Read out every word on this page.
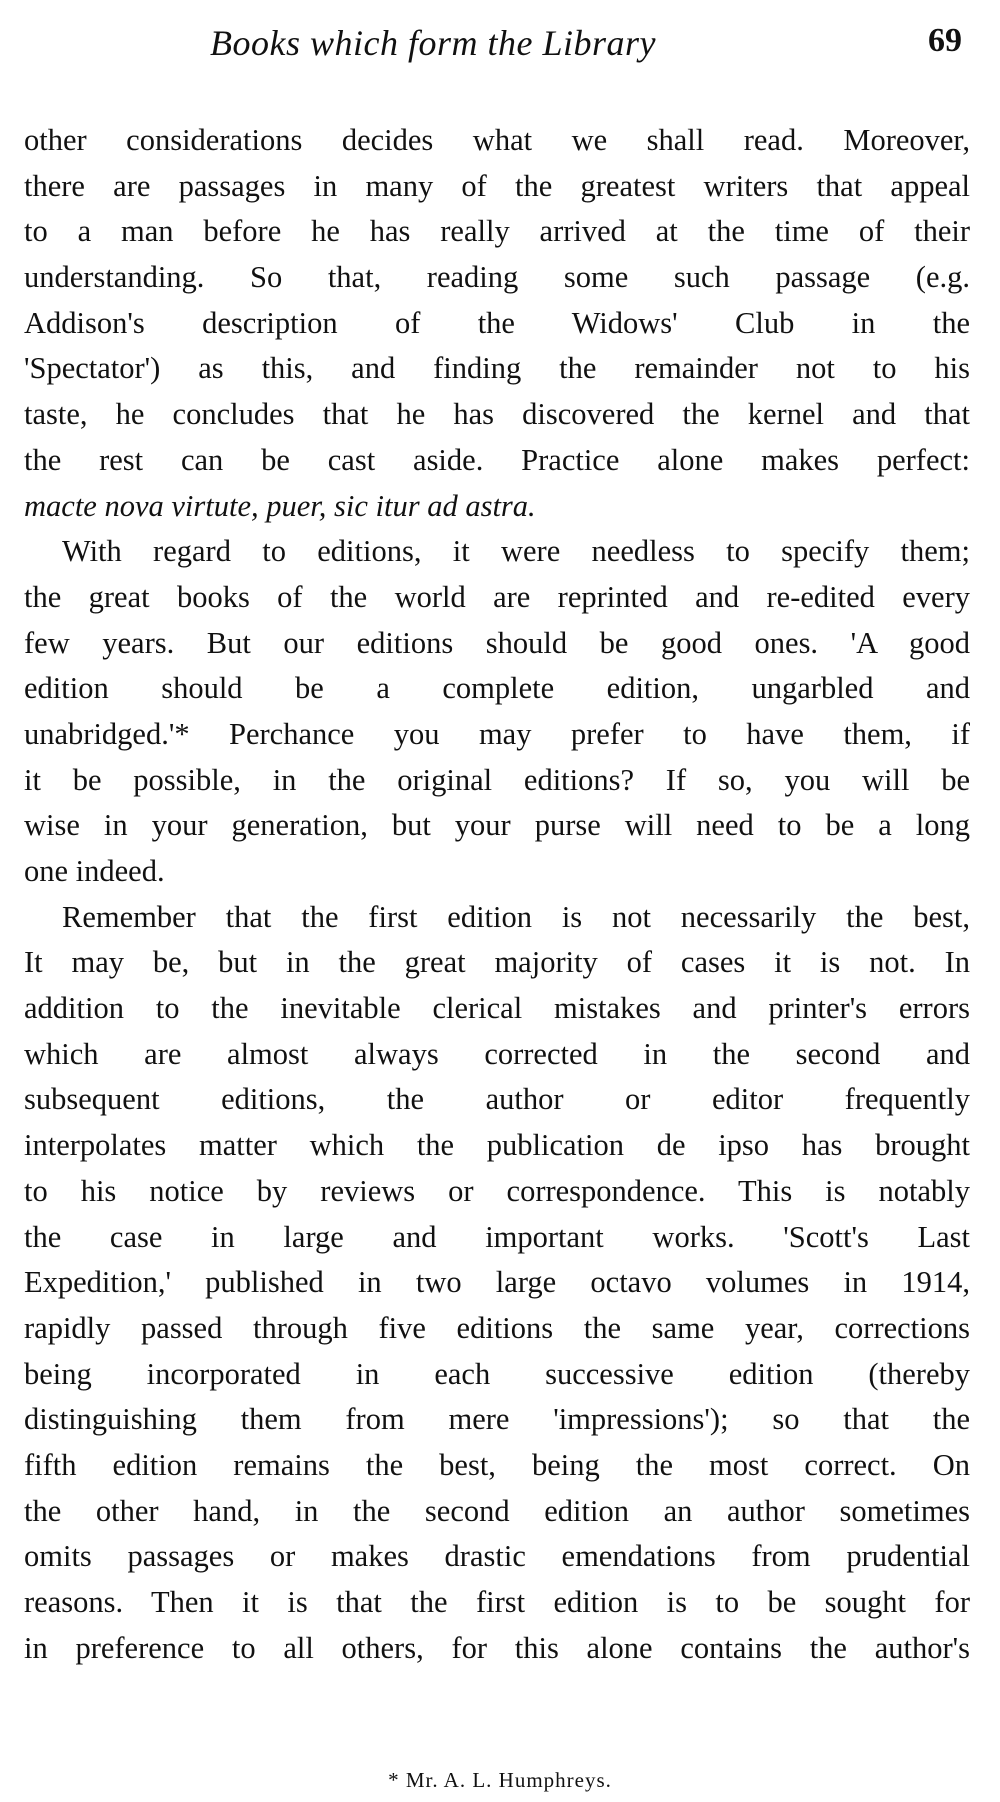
Books which form the Library	69
other considerations decides what we shall read. Moreover,
there are passages in many of the greatest writers that appeal
to a man before he has really arrived at the time of their
understanding. So that, reading some such passage (e.g.
Addison's description of the Widows' Club in the
'Spectator') as this, and finding the remainder not to his
taste, he concludes that he has discovered the kernel and that
the rest can be cast aside. Practice alone makes perfect:
macte nova virtute, puer, sic itur ad astra.
With regard to editions, it were needless to specify them;
the great books of the world are reprinted and re-edited every
few years. But our editions should be good ones. 'A good
edition should be a complete edition, ungarbled and
unabridged.'* Perchance you may prefer to have them, if
it be possible, in the original editions? If so, you will be
wise in your generation, but your purse will need to be a long
one indeed.
Remember that the first edition is not necessarily the best,
It may be, but in the great majority of cases it is not. In
addition to the inevitable clerical mistakes and printer's errors
which are almost always corrected in the second and
subsequent editions, the author or editor frequently
interpolates matter which the publication de ipso has brought
to his notice by reviews or correspondence. This is notably
the case in large and important works. 'Scott's Last
Expedition,' published in two large octavo volumes in 1914,
rapidly passed through five editions the same year, corrections
being incorporated in each successive edition (thereby
distinguishing them from mere 'impressions'); so that the
fifth edition remains the best, being the most correct. On
the other hand, in the second edition an author sometimes
omits passages or makes drastic emendations from prudential
reasons. Then it is that the first edition is to be sought for
in preference to all others, for this alone contains the author's
* Mr. A. L. Humphreys.
